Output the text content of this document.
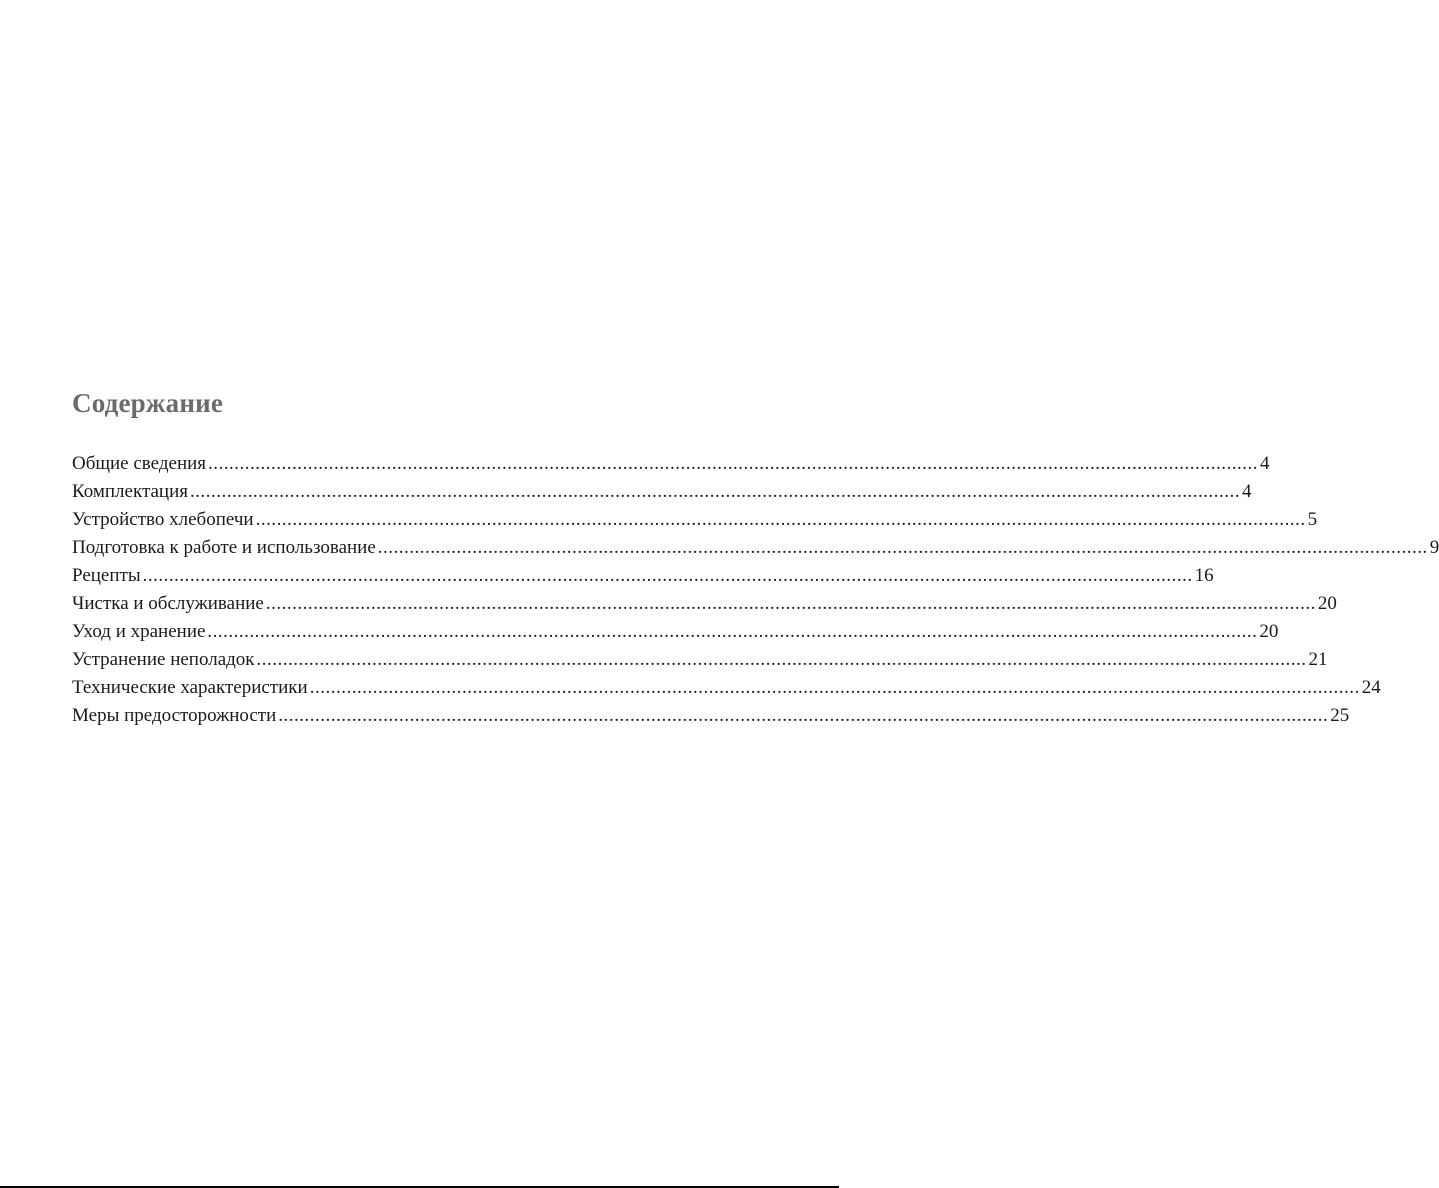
Содержание
Общие сведения ........................................................................................................................................................................................................ 4
Комплектация ........................................................................................................................................................................................................ 4
Устройство хлебопечи ........................................................................................................................................................................................................ 5
Подготовка к работе и использование ........................................................................................................................................................................................................ 9
Рецепты ........................................................................................................................................................................................................ 16
Чистка и обслуживание ........................................................................................................................................................................................................ 20
Уход и хранение ........................................................................................................................................................................................................ 20
Устранение неполадок ........................................................................................................................................................................................................ 21
Технические характеристики ........................................................................................................................................................................................................ 24
Меры предосторожности ........................................................................................................................................................................................................ 25
